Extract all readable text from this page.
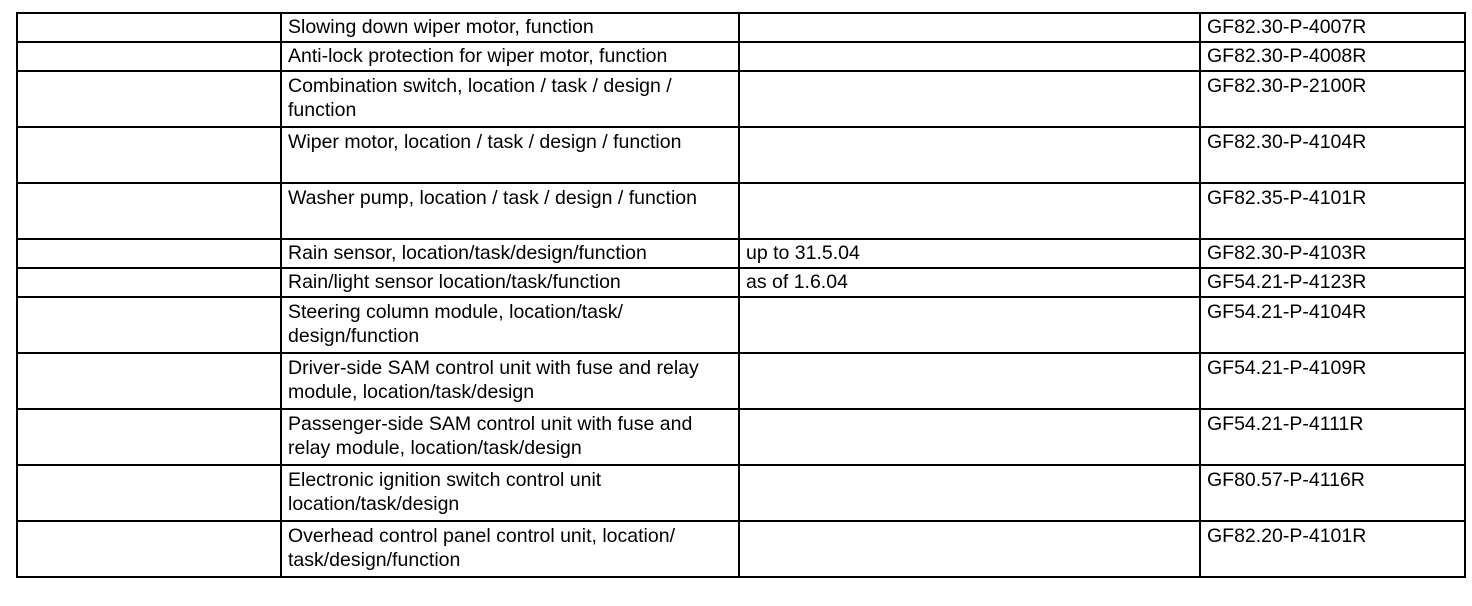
	Slowing down wiper motor, function		GF82.30-P-4007R
	Anti-lock protection for wiper motor, function		GF82.30-P-4008R
	Combination switch, location / task / design / function		GF82.30-P-2100R
	Wiper motor, location / task / design / function		GF82.30-P-4104R
	Washer pump, location / task / design / function		GF82.35-P-4101R
	Rain sensor, location/task/design/function	up to 31.5.04	GF82.30-P-4103R
	Rain/light sensor location/task/function	as of 1.6.04	GF54.21-P-4123R
	Steering column module, location/task/ design/function		GF54.21-P-4104R
	Driver-side SAM control unit with fuse and relay module, location/task/design		GF54.21-P-4109R
	Passenger-side SAM control unit with fuse and relay module, location/task/design		GF54.21-P-4111R
	Electronic ignition switch control unit location/task/design		GF80.57-P-4116R
	Overhead control panel control unit, location/ task/design/function		GF82.20-P-4101R
